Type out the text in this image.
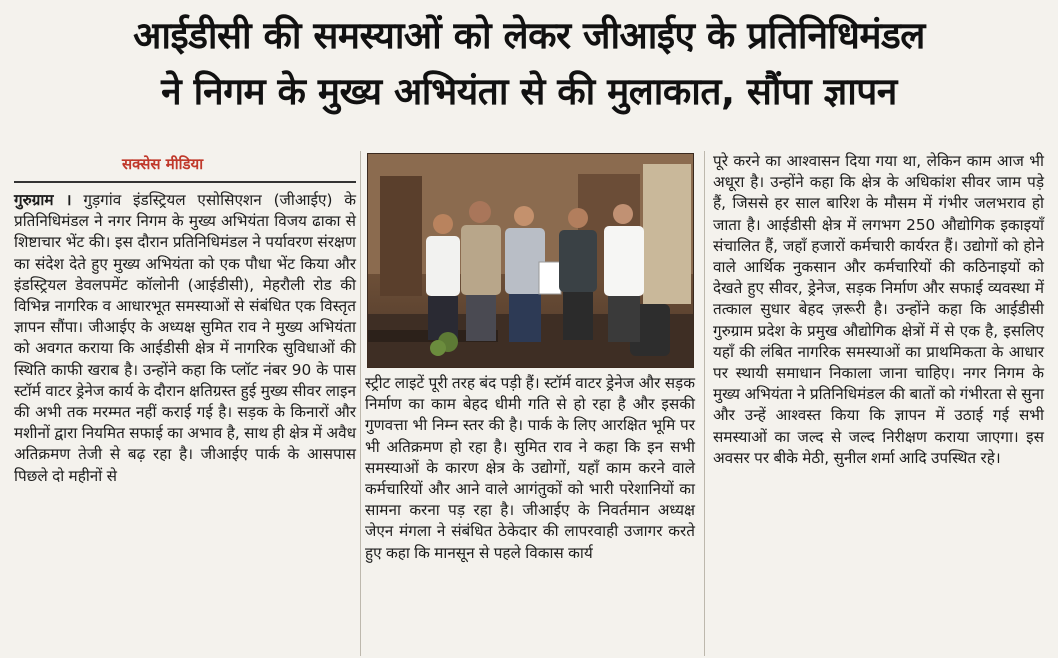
आईडीसी की समस्याओं को लेकर जीआईए के प्रतिनिधिमंडल
ने निगम के मुख्य अभियंता से की मुलाकात, सौंपा ज्ञापन
सक्सेस मीडिया
गुरुग्राम । गुड़गांव इंडस्ट्रियल एसोसिएशन (जीआईए) के प्रतिनिधिमंडल ने नगर निगम के मुख्य अभियंता विजय ढाका से शिष्टाचार भेंट की। इस दौरान प्रतिनिधिमंडल ने पर्यावरण संरक्षण का संदेश देते हुए मुख्य अभियंता को एक पौधा भेंट किया और इंडस्ट्रियल डेवलपमेंट कॉलोनी (आईडीसी), मेहरौली रोड की विभिन्न नागरिक व आधारभूत समस्याओं से संबंधित एक विस्तृत ज्ञापन सौंपा। जीआईए के अध्यक्ष सुमित राव ने मुख्य अभियंता को अवगत कराया कि आईडीसी क्षेत्र में नागरिक सुविधाओं की स्थिति काफी खराब है। उन्होंने कहा कि प्लॉट नंबर 90 के पास स्टॉर्म वाटर ड्रेनेज कार्य के दौरान क्षतिग्रस्त हुई मुख्य सीवर लाइन की अभी तक मरम्मत नहीं कराई गई है। सड़क के किनारों और मशीनों द्वारा नियमित सफाई का अभाव है, साथ ही क्षेत्र में अवैध अतिक्रमण तेजी से बढ़ रहा है। जीआईए पार्क के आसपास पिछले दो महीनों से
स्ट्रीट लाइटें पूरी तरह बंद पड़ी हैं। स्टॉर्म वाटर ड्रेनेज और सड़क निर्माण का काम बेहद धीमी गति से हो रहा है और इसकी गुणवत्ता भी निम्न स्तर की है। पार्क के लिए आरक्षित भूमि पर भी अतिक्रमण हो रहा है। सुमित राव ने कहा कि इन सभी समस्याओं के कारण क्षेत्र के उद्योगों, यहाँ काम करने वाले कर्मचारियों और आने वाले आगंतुकों को भारी परेशानियों का सामना करना पड़ रहा है। जीआईए के निवर्तमान अध्यक्ष जेएन मंगला ने संबंधित ठेकेदार की लापरवाही उजागर करते हुए कहा कि मानसून से पहले विकास कार्य
पूरे करने का आश्वासन दिया गया था, लेकिन काम आज भी अधूरा है। उन्होंने कहा कि क्षेत्र के अधिकांश सीवर जाम पड़े हैं, जिससे हर साल बारिश के मौसम में गंभीर जलभराव हो जाता है। आईडीसी क्षेत्र में लगभग 250 औद्योगिक इकाइयाँ संचालित हैं, जहाँ हजारों कर्मचारी कार्यरत हैं। उद्योगों को होने वाले आर्थिक नुकसान और कर्मचारियों की कठिनाइयों को देखते हुए सीवर, ड्रेनेज, सड़क निर्माण और सफाई व्यवस्था में तत्काल सुधार बेहद ज़रूरी है। उन्होंने कहा कि आईडीसी गुरुग्राम प्रदेश के प्रमुख औद्योगिक क्षेत्रों में से एक है, इसलिए यहाँ की लंबित नागरिक समस्याओं का प्राथमिकता के आधार पर स्थायी समाधान निकाला जाना चाहिए। नगर निगम के मुख्य अभियंता ने प्रतिनिधिमंडल की बातों को गंभीरता से सुना और उन्हें आश्वस्त किया कि ज्ञापन में उठाई गई सभी समस्याओं का जल्द से जल्द निरीक्षण कराया जाएगा। इस अवसर पर बीके मेठी, सुनील शर्मा आदि उपस्थित रहे।
